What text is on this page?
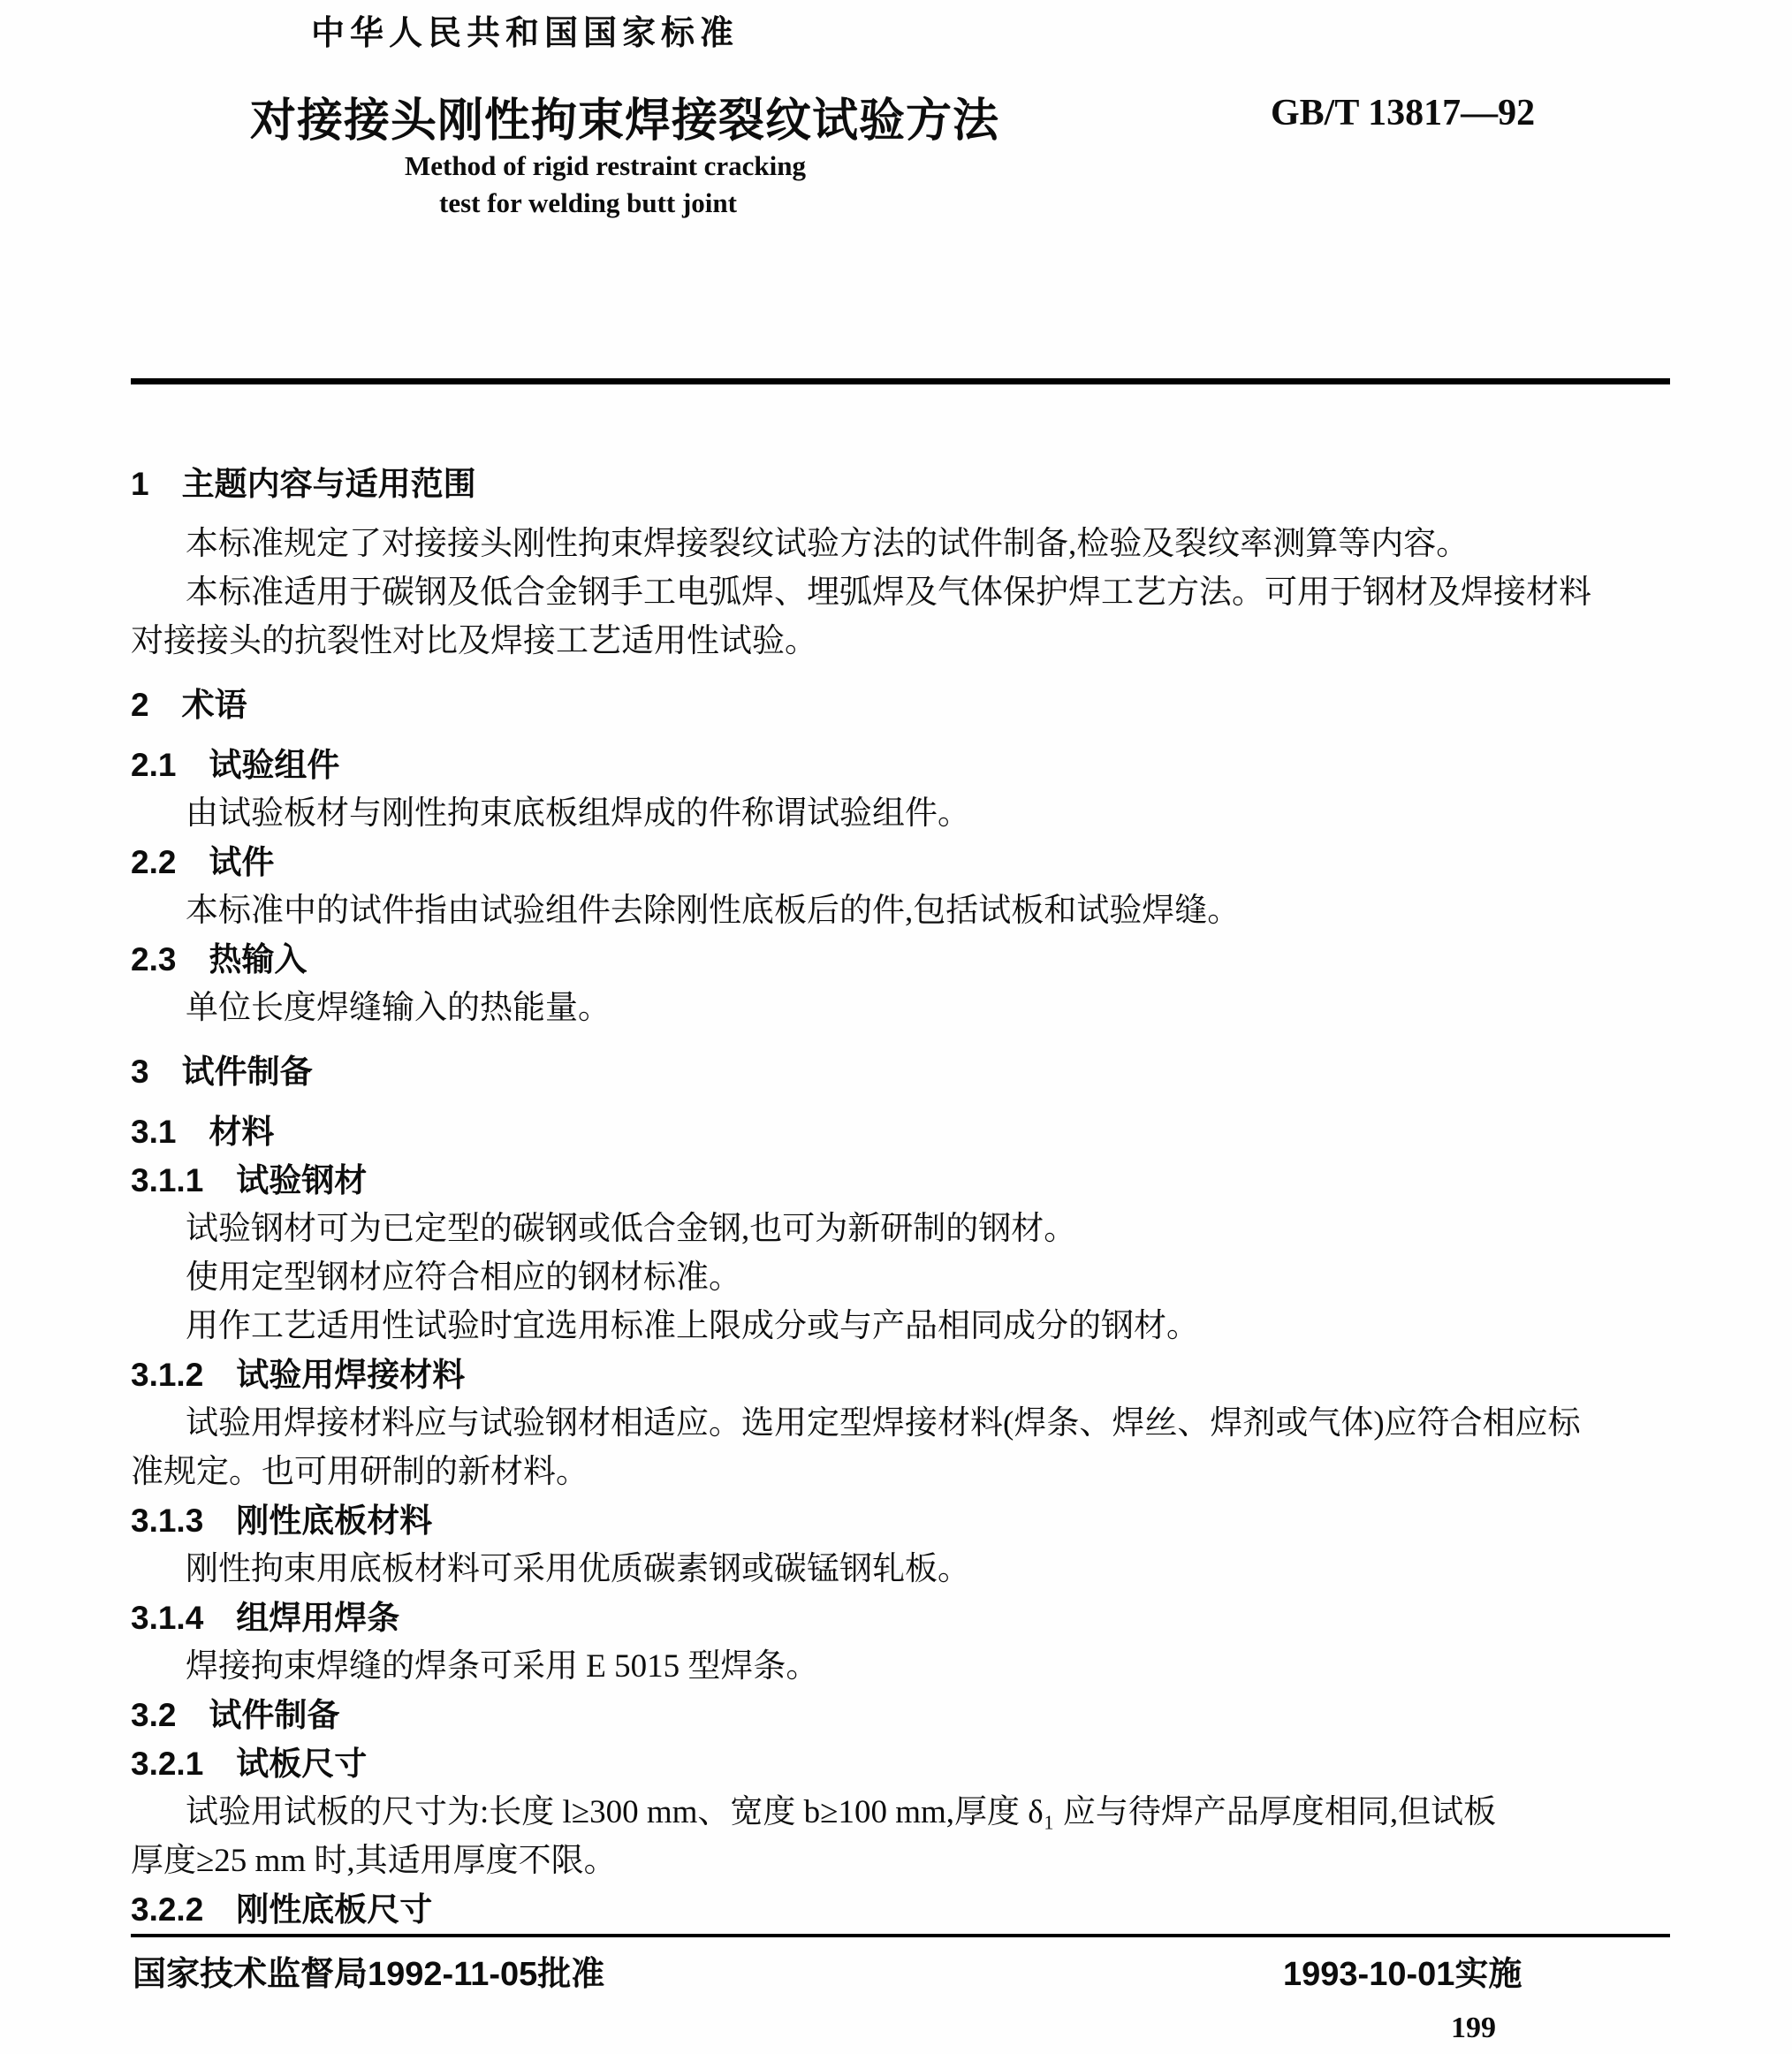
中华人民共和国国家标准
对接接头刚性拘束焊接裂纹试验方法	GB/T 13817—92
Method of rigid restraint cracking
test for welding butt joint
1　主题内容与适用范围
本标准规定了对接接头刚性拘束焊接裂纹试验方法的试件制备,检验及裂纹率测算等内容。
本标准适用于碳钢及低合金钢手工电弧焊、埋弧焊及气体保护焊工艺方法。可用于钢材及焊接材料
对接接头的抗裂性对比及焊接工艺适用性试验。
2　术语
2.1　试验组件
由试验板材与刚性拘束底板组焊成的件称谓试验组件。
2.2　试件
本标准中的试件指由试验组件去除刚性底板后的件,包括试板和试验焊缝。
2.3　热输入
单位长度焊缝输入的热能量。
3　试件制备
3.1　材料
3.1.1　试验钢材
试验钢材可为已定型的碳钢或低合金钢,也可为新研制的钢材。
使用定型钢材应符合相应的钢材标准。
用作工艺适用性试验时宜选用标准上限成分或与产品相同成分的钢材。
3.1.2　试验用焊接材料
试验用焊接材料应与试验钢材相适应。选用定型焊接材料(焊条、焊丝、焊剂或气体)应符合相应标
准规定。也可用研制的新材料。
3.1.3　刚性底板材料
刚性拘束用底板材料可采用优质碳素钢或碳锰钢轧板。
3.1.4　组焊用焊条
焊接拘束焊缝的焊条可采用 E 5015 型焊条。
3.2　试件制备
3.2.1　试板尺寸
试验用试板的尺寸为:长度 l≥300 mm、宽度 b≥100 mm,厚度 δ₁ 应与待焊产品厚度相同,但试板
厚度≥25 mm 时,其适用厚度不限。
3.2.2　刚性底板尺寸
国家技术监督局1992-11-05批准	1993-10-01实施
199
